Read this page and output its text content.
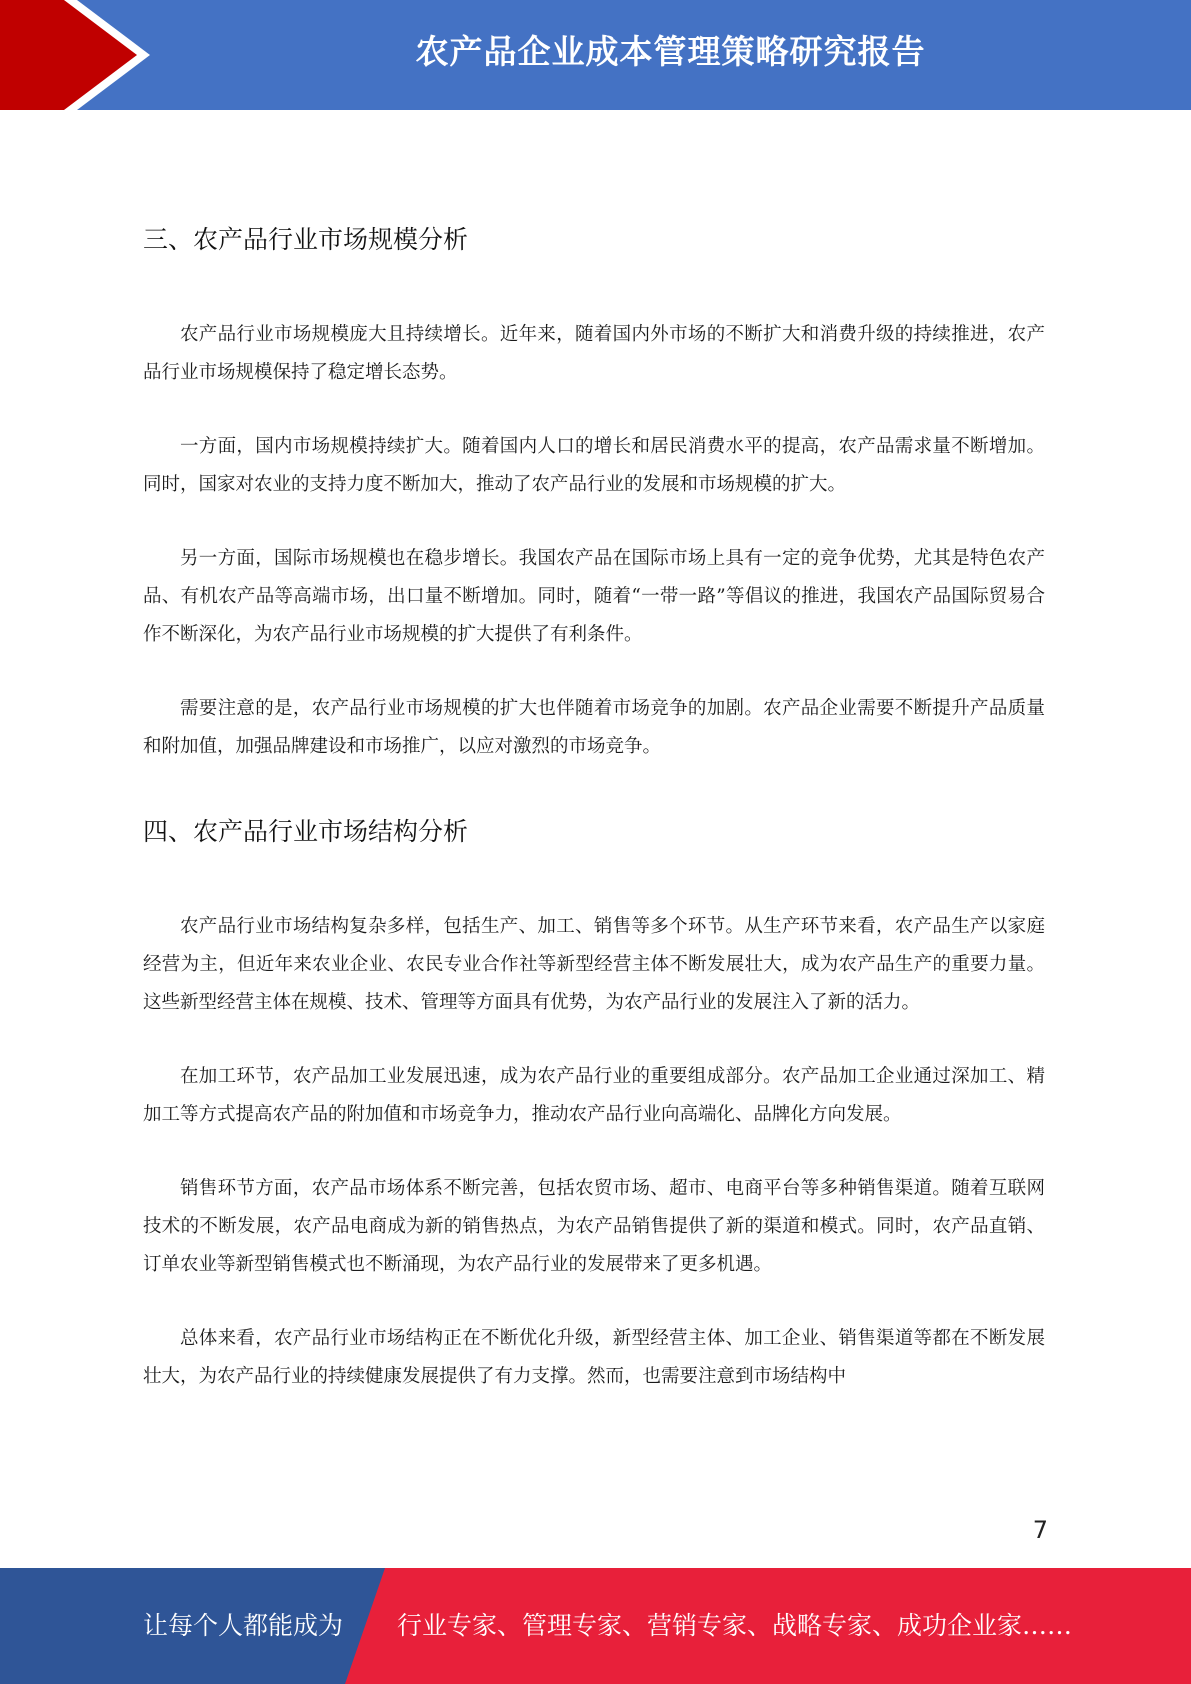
农产品企业成本管理策略研究报告
三、农产品行业市场规模分析

农产品行业市场规模庞大且持续增长。近年来，随着国内外市场的不断扩大和消费升级的持续推进，农产品行业市场规模保持了稳定增长态势。

一方面，国内市场规模持续扩大。随着国内人口的增长和居民消费水平的提高，农产品需求量不断增加。同时，国家对农业的支持力度不断加大，推动了农产品行业的发展和市场规模的扩大。

另一方面，国际市场规模也在稳步增长。我国农产品在国际市场上具有一定的竞争优势，尤其是特色农产品、有机农产品等高端市场，出口量不断增加。同时，随着“一带一路”等倡议的推进，我国农产品国际贸易合作不断深化，为农产品行业市场规模的扩大提供了有利条件。

需要注意的是，农产品行业市场规模的扩大也伴随着市场竞争的加剧。农产品企业需要不断提升产品质量和附加值，加强品牌建设和市场推广，以应对激烈的市场竞争。

四、农产品行业市场结构分析

农产品行业市场结构复杂多样，包括生产、加工、销售等多个环节。从生产环节来看，农产品生产以家庭经营为主，但近年来农业企业、农民专业合作社等新型经营主体不断发展壮大，成为农产品生产的重要力量。这些新型经营主体在规模、技术、管理等方面具有优势，为农产品行业的发展注入了新的活力。

在加工环节，农产品加工业发展迅速，成为农产品行业的重要组成部分。农产品加工企业通过深加工、精加工等方式提高农产品的附加值和市场竞争力，推动农产品行业向高端化、品牌化方向发展。

销售环节方面，农产品市场体系不断完善，包括农贸市场、超市、电商平台等多种销售渠道。随着互联网技术的不断发展，农产品电商成为新的销售热点，为农产品销售提供了新的渠道和模式。同时，农产品直销、订单农业等新型销售模式也不断涌现，为农产品行业的发展带来了更多机遇。

总体来看，农产品行业市场结构正在不断优化升级，新型经营主体、加工企业、销售渠道等都在不断发展壮大，为农产品行业的持续健康发展提供了有力支撑。然而，也需要注意到市场结构中

7
让每个人都能成为 行业专家、管理专家、营销专家、战略专家、成功企业家……
